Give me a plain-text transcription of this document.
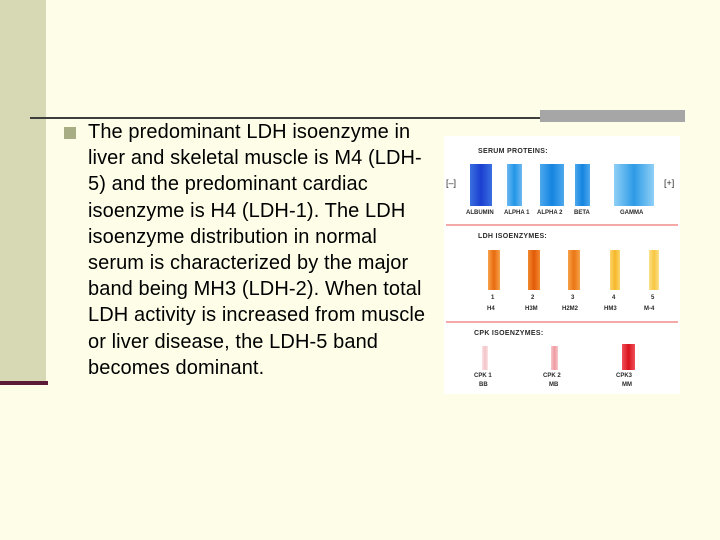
The predominant LDH isoenzyme in liver and skeletal muscle is M4 (LDH-5) and the predominant cardiac isoenzyme is H4 (LDH-1). The LDH isoenzyme distribution in normal serum is characterized by the major band being MH3 (LDH-2). When total LDH activity is increased from muscle or liver disease, the LDH-5 band becomes dominant.
SERUM PROTEINS:
[–]	[+]
ALBUMIN ALPHA 1 ALPHA 2 BETA	GAMMA
LDH ISOENZYMES:
1	2	3	4	5
H4	H3M	H2M2	HM3	M-4
CPK ISOENZYMES:
CPK 1	CPK 2	CPK3
BB	MB	MM
